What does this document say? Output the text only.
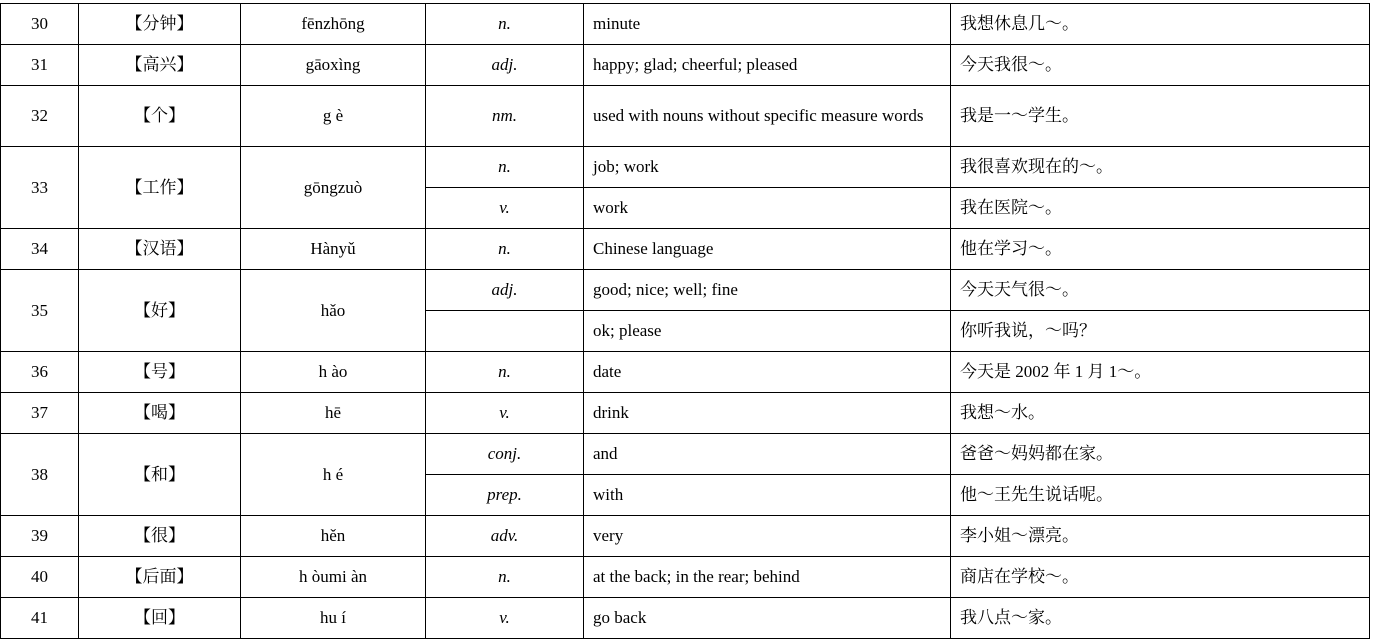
30	【分钟】	fēnzhōng	n.	minute	我想休息几～。
31	【高兴】	gāoxìng	adj.	happy; glad; cheerful; pleased	今天我很～。
32	【个】	g è	nm.	used with nouns without specific measure words	我是一～学生。
33	【工作】	gōngzuò	n.	job; work	我很喜欢现在的～。
			v.	work	我在医院～。
34	【汉语】	Hànyǔ	n.	Chinese language	他在学习～。
35	【好】	hǎo	adj.	good; nice; well; fine	今天天气很～。
				ok; please	你听我说，～吗？
36	【号】	h ào	n.	date	今天是 2002 年 1 月 1～。
37	【喝】	hē	v.	drink	我想～水。
38	【和】	h é	conj.	and	爸爸～妈妈都在家。
			prep.	with	他～王先生说话呢。
39	【很】	hěn	adv.	very	李小姐～漂亮。
40	【后面】	h òumi àn	n.	at the back; in the rear; behind	商店在学校～。
41	【回】	hu í	v.	go back	我八点～家。
